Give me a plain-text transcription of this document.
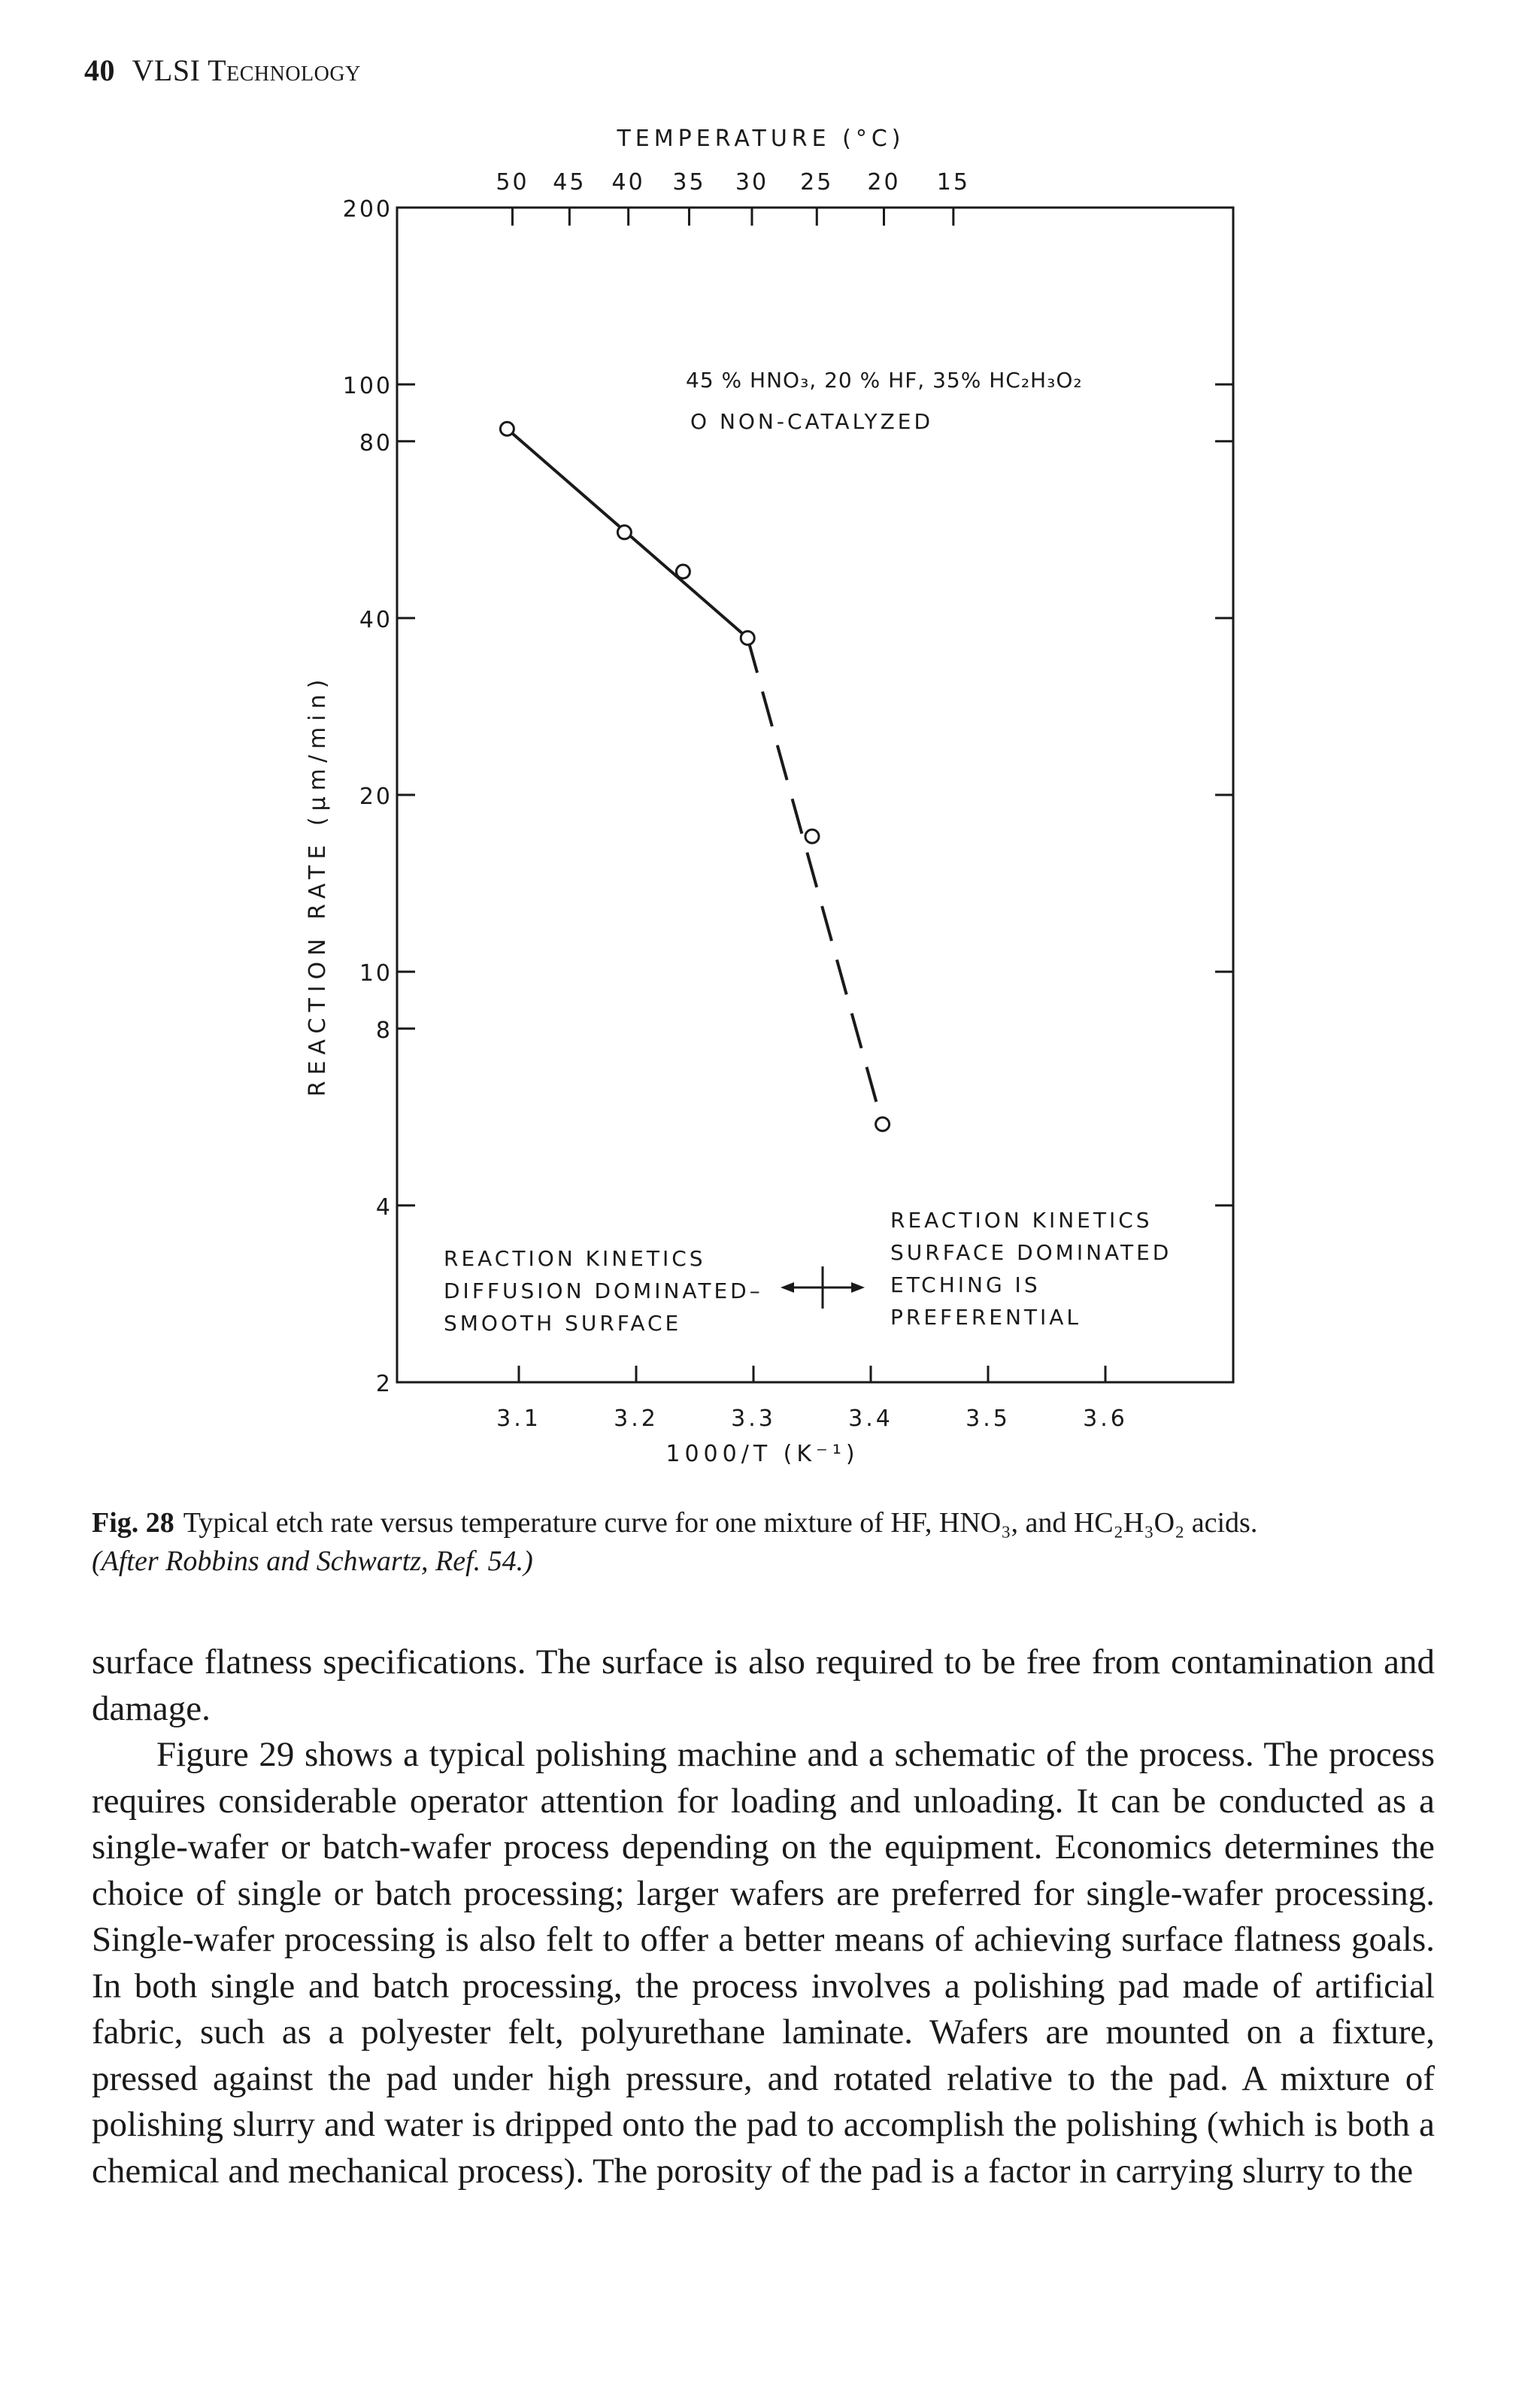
40 VLSI Technology
2
4
8
10
20
40
80
100
200
3.1	3.2	3.3	3.4	3.5	3.6
50 45 40 35 30 25 20 15
TEMPERATURE (°C)
1000/T (K⁻¹)
REACTION RATE (μm/min)
45 % HNO₃, 20 % HF, 35% HC₂H₃O₂
O NON-CATALYZED
REACTION KINETICS
DIFFUSION DOMINATED–
SMOOTH SURFACE
REACTION KINETICS
SURFACE DOMINATED
ETCHING IS
PREFERENTIAL
Fig. 28 Typical etch rate versus temperature curve for one mixture of HF, HNO₃, and HC₂H₃O₂ acids.
(After Robbins and Schwartz, Ref. 54.)

surface flatness specifications. The surface is also required to be free from contamination and damage.

Figure 29 shows a typical polishing machine and a schematic of the process. The process requires considerable operator attention for loading and unloading. It can be conducted as a single-wafer or batch-wafer process depending on the equipment. Economics determines the choice of single or batch processing; larger wafers are preferred for single-wafer processing. Single-wafer processing is also felt to offer a better means of achieving surface flatness goals. In both single and batch processing, the process involves a polishing pad made of artificial fabric, such as a polyester felt, polyurethane laminate. Wafers are mounted on a fixture, pressed against the pad under high pressure, and rotated relative to the pad. A mixture of polishing slurry and water is dripped onto the pad to accomplish the polishing (which is both a chemical and mechanical process). The porosity of the pad is a factor in carrying slurry to the
